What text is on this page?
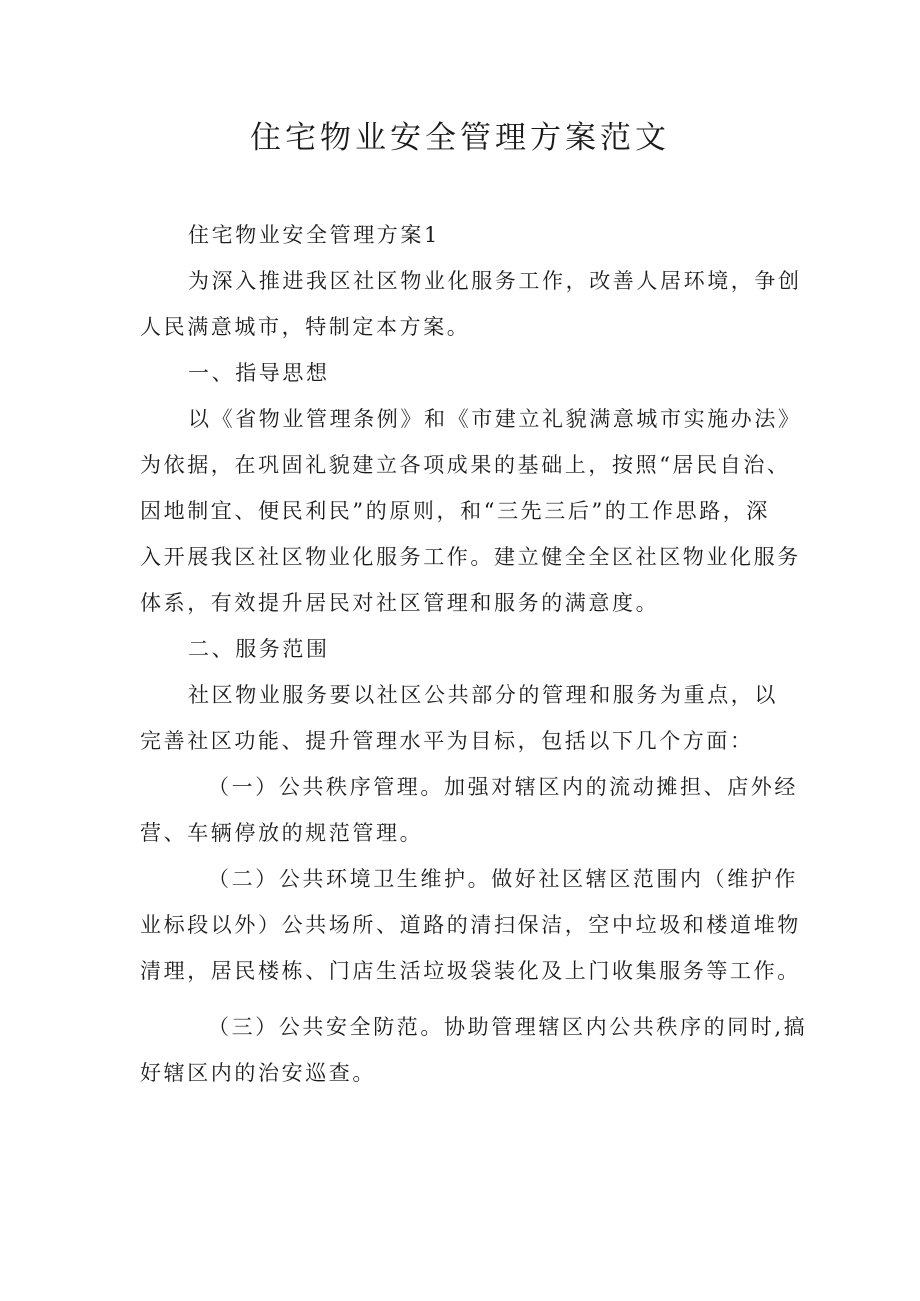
住宅物业安全管理方案范文

住宅物业安全管理方案1

为深入推进我区社区物业化服务工作，改善人居环境，争创

人民满意城市，特制定本方案。

一、指导思想

以《省物业管理条例》和《市建立礼貌满意城市实施办法》

为依据，在巩固礼貌建立各项成果的基础上，按照“居民自治、

因地制宜、便民利民”的原则，和“三先三后”的工作思路，深

入开展我区社区物业化服务工作。建立健全全区社区物业化服务

体系，有效提升居民对社区管理和服务的满意度。

二、服务范围

社区物业服务要以社区公共部分的管理和服务为重点，以

完善社区功能、提升管理水平为目标，包括以下几个方面：

（一）公共秩序管理。加强对辖区内的流动摊担、店外经

营、车辆停放的规范管理。

（二）公共环境卫生维护。做好社区辖区范围内（维护作

业标段以外）公共场所、道路的清扫保洁，空中垃圾和楼道堆物

清理，居民楼栋、门店生活垃圾袋装化及上门收集服务等工作。

（三）公共安全防范。协助管理辖区内公共秩序的同时,搞

好辖区内的治安巡查。
